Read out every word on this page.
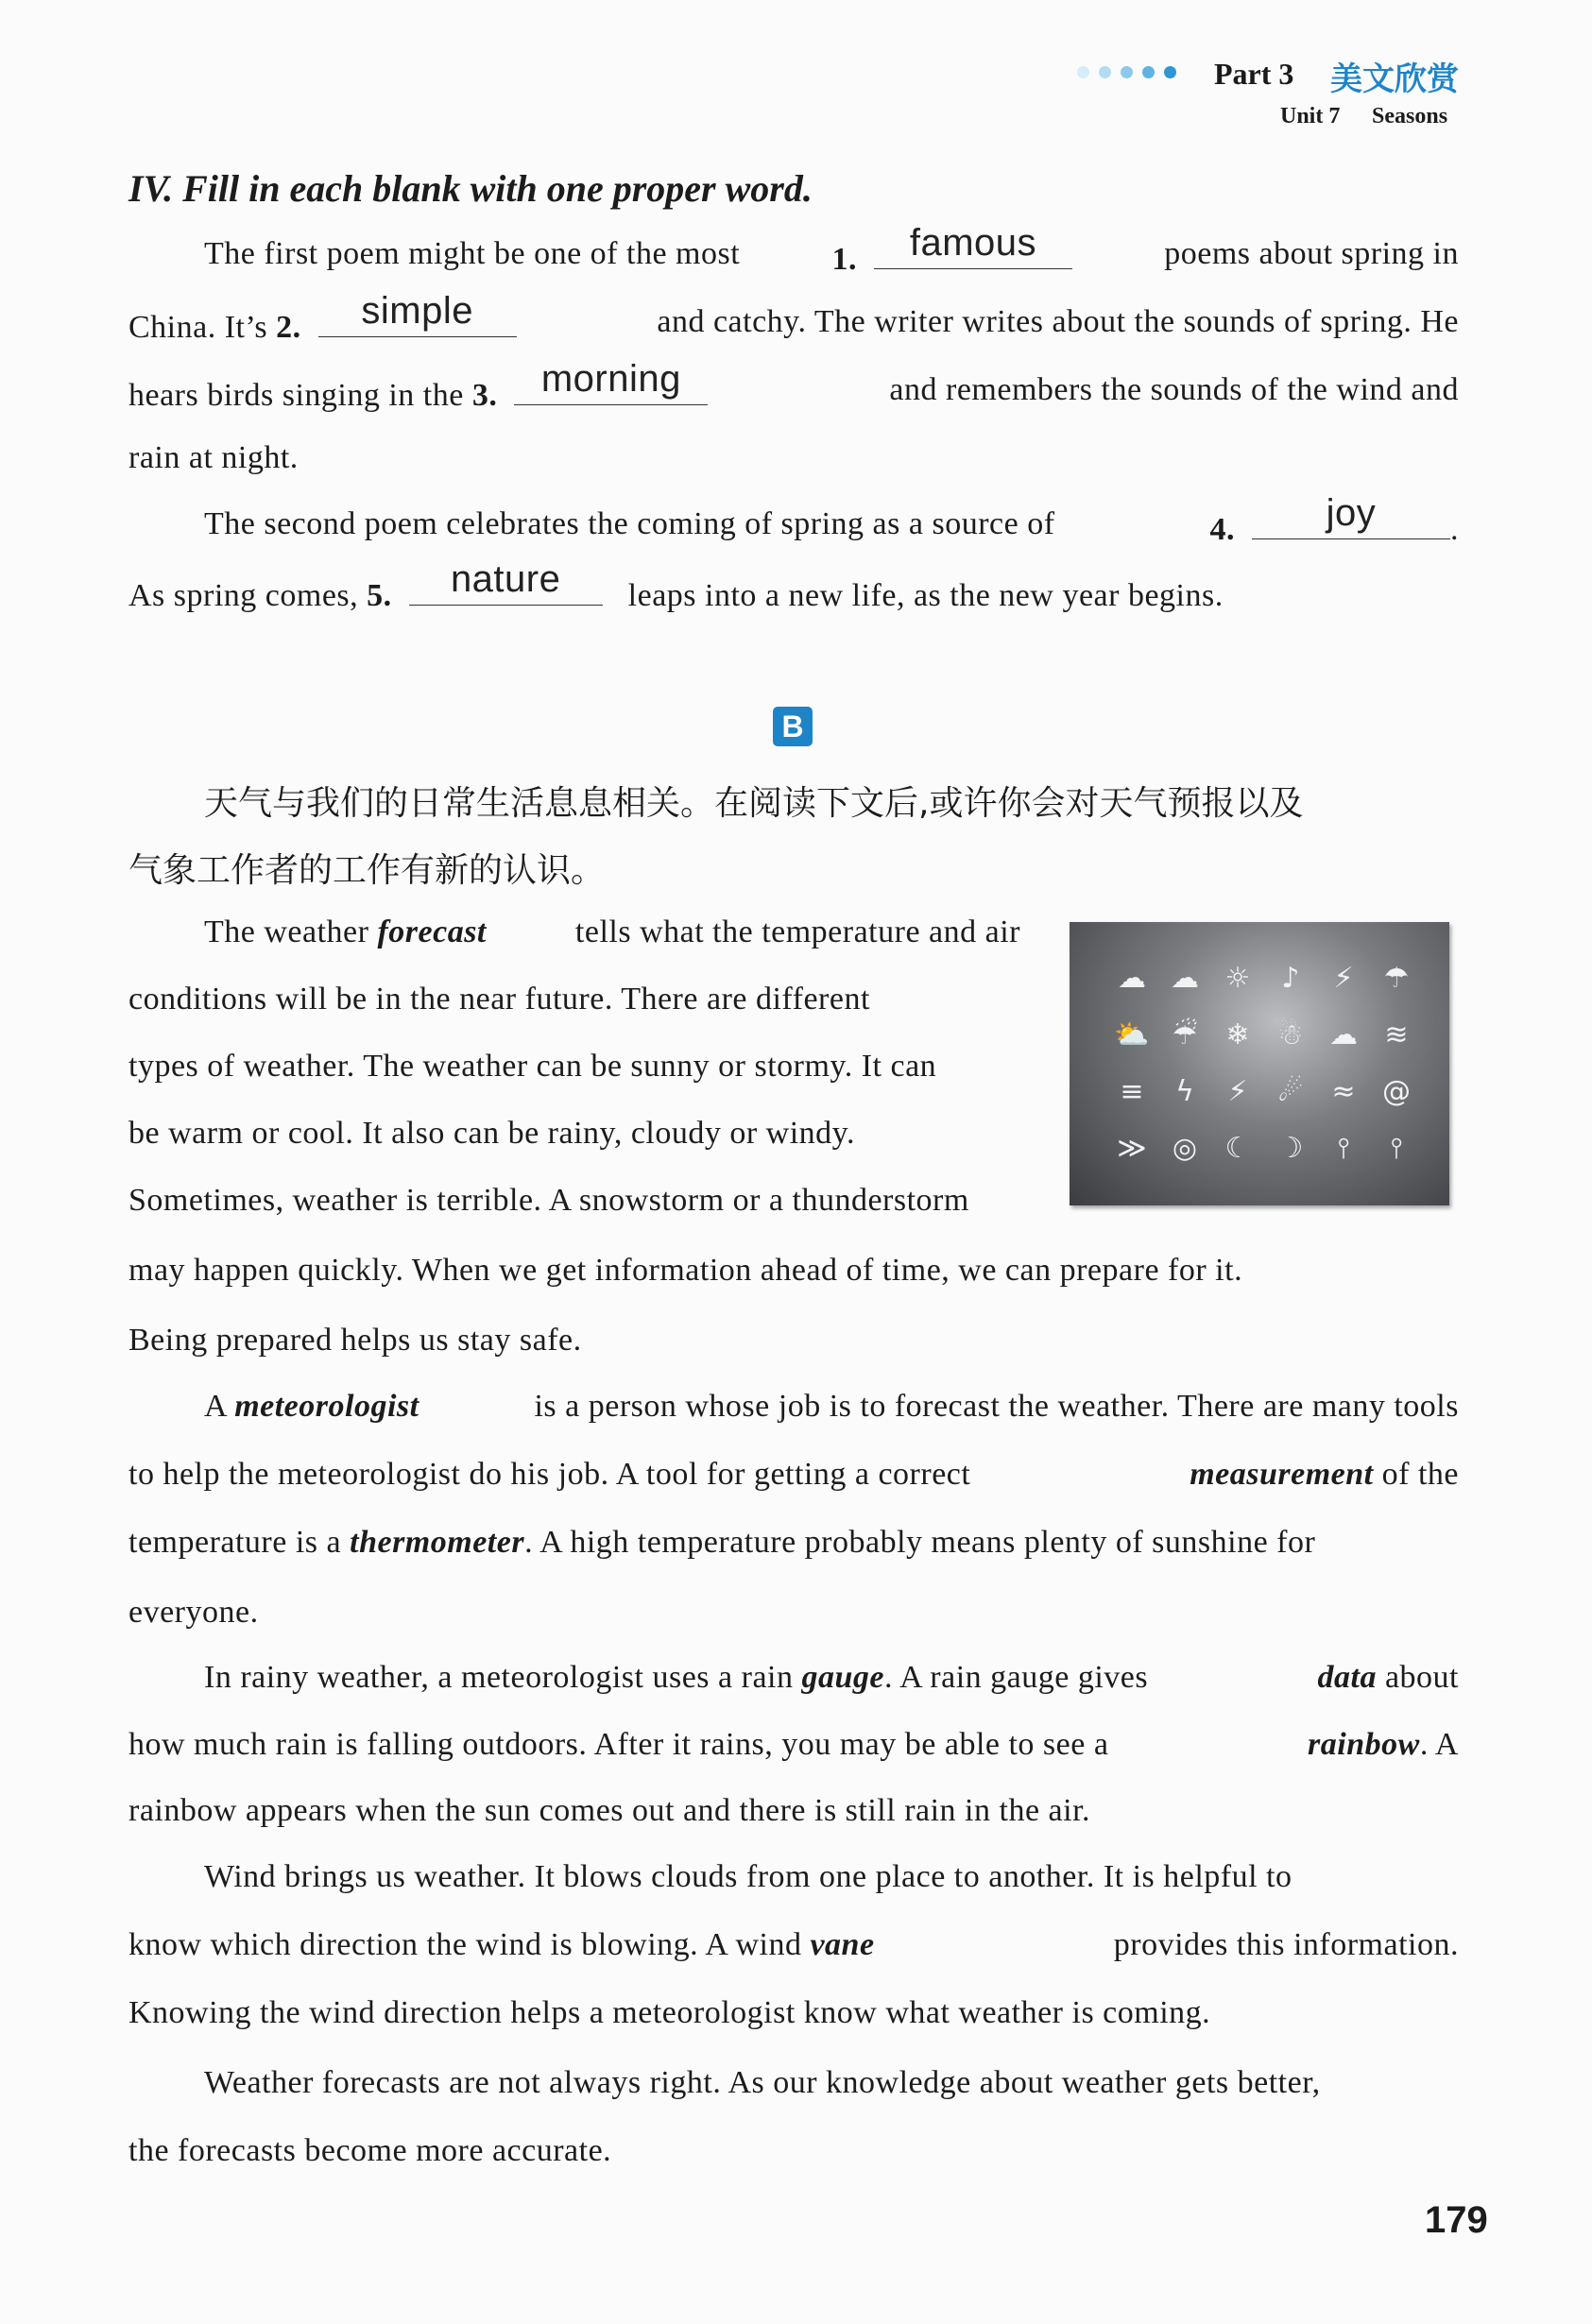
Part 3 美文欣赏
Unit 7 Seasons
IV. Fill in each blank with one proper word.
The first poem might be one of the most	1.	famous	poems about spring in
China. It’s 2.	simple	and catchy. The writer writes about the sounds of spring. He
hears birds singing in the 3.	morning	and remembers the sounds of the wind and
rain at night.
The second poem celebrates the coming of spring as a source of	4.	joy	.
As spring comes, 5.	nature	leaps into a new life, as the new year begins.
B
天气与我们的日常生活息息相关。在阅读下文后,或许你会对天气预报以及
气象工作者的工作有新的认识。
The weather forecast	tells what the temperature and air
conditions will be in the near future. There are different
types of weather. The weather can be sunny or stormy. It can
be warm or cool. It also can be rainy, cloudy or windy.
Sometimes, weather is terrible. A snowstorm or a thunderstorm
may happen quickly. When we get information ahead of time, we can prepare for it.
Being prepared helps us stay safe.
☁ ☁ ☼	♪	⚡	☂
⛅ ☔ ❄ ☃ ☁ ≋
≡	ϟ	⚡	☄ ≈ @
≫ ◎ ☾ ☽	⫯	⫯
A meteorologist	is a person whose job is to forecast the weather. There are many tools
to help the meteorologist do his job. A tool for getting a correct	measurement of the
temperature is a thermometer. A high temperature probably means plenty of sunshine for
everyone.
In rainy weather, a meteorologist uses a rain gauge. A rain gauge gives	data about
how much rain is falling outdoors. After it rains, you may be able to see a	rainbow. A
rainbow appears when the sun comes out and there is still rain in the air.
Wind brings us weather. It blows clouds from one place to another. It is helpful to
know which direction the wind is blowing. A wind vane	provides this information.
Knowing the wind direction helps a meteorologist know what weather is coming.
Weather forecasts are not always right. As our knowledge about weather gets better,
the forecasts become more accurate.
179
